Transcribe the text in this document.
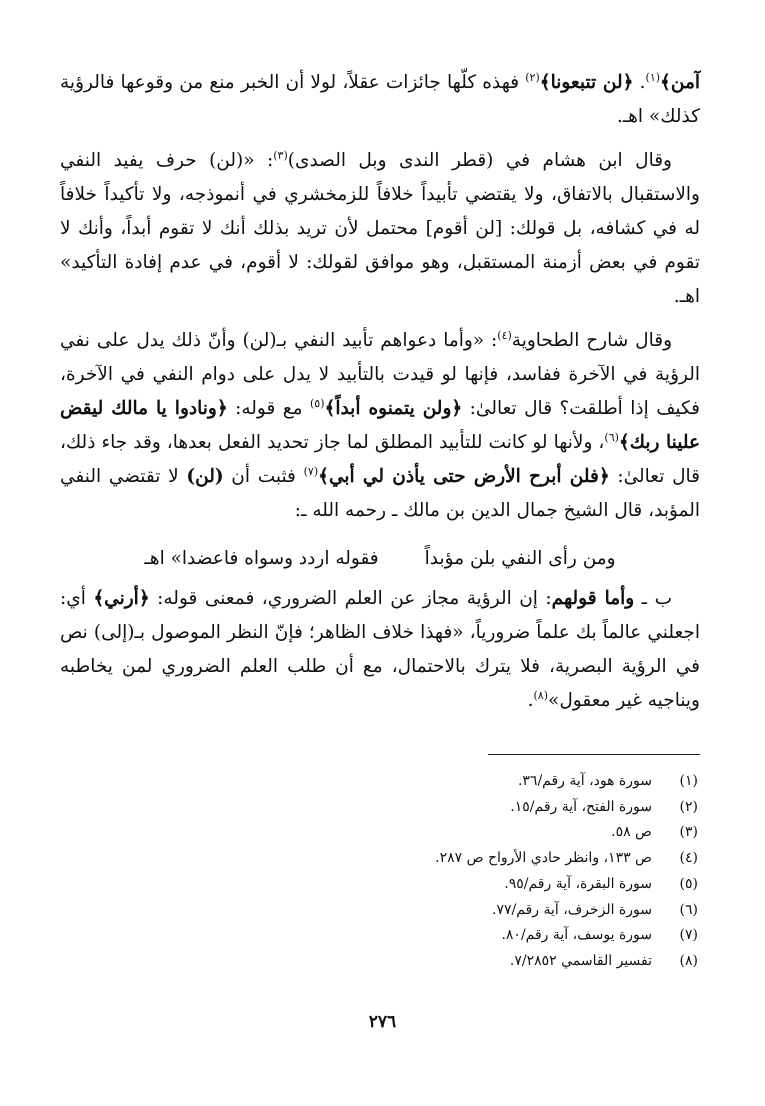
آمن﴾$^{(١)}$. ﴿لن تتبعونا﴾$^{(٢)}$ فهذه كلّها جائزات عقلاً، لولا أن الخبر منع من وقوعها فالرؤية كذلك» اهـ.

وقال ابن هشام في (قطر الندى وبل الصدى)$^{(٣)}$: «(لن) حرف يفيد النفي والاستقبال بالاتفاق، ولا يقتضي تأبيداً خلافاً للزمخشري في أنموذجه، ولا تأكيداً خلافاً له في كشافه، بل قولك: [لن أقوم] محتمل لأن تريد بذلك أنك لا تقوم أبداً، وأنك لا تقوم في بعض أزمنة المستقبل، وهو موافق لقولك: لا أقوم، في عدم إفادة التأكيد» اهـ.

وقال شارح الطحاوية$^{(٤)}$: «وأما دعواهم تأبيد النفي بـ(لن) وأنّ ذلك يدل على نفي الرؤية في الآخرة ففاسد، فإنها لو قيدت بالتأبيد لا يدل على دوام النفي في الآخرة، فكيف إذا أطلقت؟ قال تعالىٰ: ﴿ولن يتمنوه أبداً﴾$^{(٥)}$ مع قوله: ﴿ونادوا يا مالك ليقض علينا ربك﴾$^{(٦)}$، ولأنها لو كانت للتأبيد المطلق لما جاز تحديد الفعل بعدها، وقد جاء ذلك، قال تعالىٰ: ﴿فلن أبرح الأرض حتى يأذن لي أبي﴾$^{(٧)}$ فثبت أن (لن) لا تقتضي النفي المؤبد، قال الشيخ جمال الدين بن مالك ـ رحمه الله ـ:

ومن رأى النفي بلن مؤبداً
فقوله اردد وسواه فاعضدا» اهـ

ب ـ وأما قولهم: إن الرؤية مجاز عن العلم الضروري، فمعنى قوله: ﴿أرني﴾ أي: اجعلني عالماً بك علماً ضرورياً، «فهذا خلاف الظاهر؛ فإنّ النظر الموصول بـ(إلى) نص في الرؤية البصرية، فلا يترك بالاحتمال، مع أن طلب العلم الضروري لمن يخاطبه ويناجيه غير معقول»$^{(٨)}$.

(١)
سورة هود، آية رقم/٣٦.
(٢)
سورة الفتح، آية رقم/١٥.
(٣)
ص ٥٨.
(٤)
ص ١٣٣، وانظر حادي الأرواح ص ٢٨٧.
(٥)
سورة البقرة، آية رقم/٩٥.
(٦)
سورة الزخرف، آية رقم/٧٧.
(٧)
سورة يوسف، آية رقم/٨٠.
(٨)
تفسير القاسمي ٧/٢٨٥٢.
٢٧٦
